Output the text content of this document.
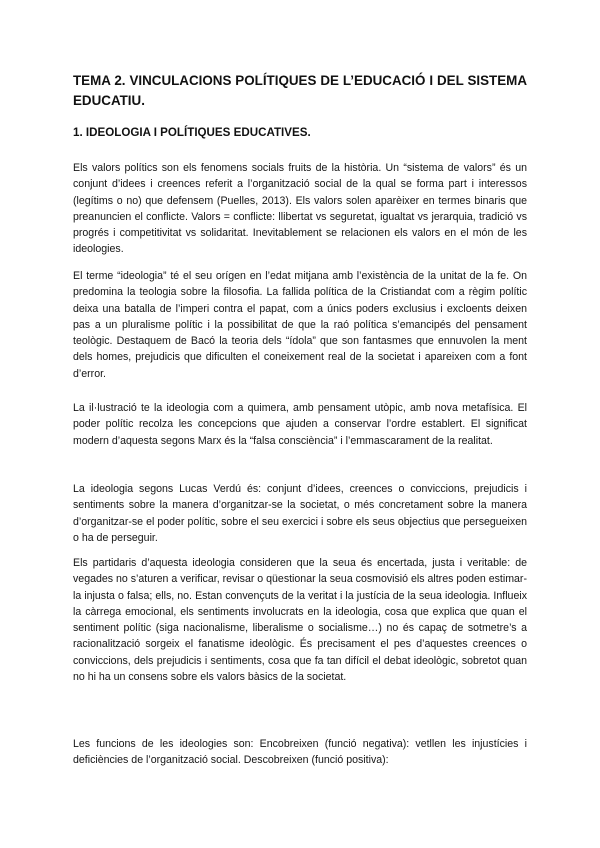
TEMA 2. VINCULACIONS POLÍTIQUES DE L’EDUCACIÓ I DEL SISTEMA EDUCATIU.
1. IDEOLOGIA I POLÍTIQUES EDUCATIVES.

Els valors polítics son els fenomens socials fruits de la història. Un “sistema de valors” és un conjunt d’idees i creences referit a l’organització social de la qual se forma part i interessos (legítims o no) que defensem (Puelles, 2013). Els valors solen aparèixer en termes binaris que preanuncien el conflicte. Valors = conflicte: llibertat vs seguretat, igualtat vs jerarquia, tradició vs progrés i competitivitat vs solidaritat. Inevitablement se relacionen els valors en el món de les ideologies.

El terme “ideologia” té el seu orígen en l’edat mitjana amb l’existència de la unitat de la fe. On predomina la teologia sobre la filosofia. La fallida política de la Cristiandat com a règim polític deixa una batalla de l’imperi contra el papat, com a únics poders exclusius i excloents deixen pas a un pluralisme polític i la possibilitat de que la raó política s’emancipés del pensament teològic. Destaquem de Bacó la teoria dels “ídola” que son fantasmes que ennuvolen la ment dels homes, prejudicis que dificulten el coneixement real de la societat i apareixen com a font d’error.

La il·lustració te la ideologia com a quimera, amb pensament utòpic, amb nova metafísica. El poder polític recolza les concepcions que ajuden a conservar l’ordre establert. El significat modern d’aquesta segons Marx és la “falsa consciència” i l’emmascarament de la realitat.

La ideologia segons Lucas Verdú és: conjunt d’idees, creences o conviccions, prejudicis i sentiments sobre la manera d’organitzar-se la societat, o més concretament sobre la manera d’organitzar-se el poder polític, sobre el seu exercici i sobre els seus objectius que persegueixen o ha de perseguir.

Els partidaris d’aquesta ideologia consideren que la seua és encertada, justa i veritable: de vegades no s’aturen a verificar, revisar o qüestionar la seua cosmovisió els altres poden estimar-la injusta o falsa; ells, no. Estan convençuts de la veritat i la justícia de la seua ideologia. Influeix la càrrega emocional, els sentiments involucrats en la ideologia, cosa que explica que quan el sentiment polític (siga nacionalisme, liberalisme o socialisme…) no és capaç de sotmetre’s a racionalització sorgeix el fanatisme ideològic. És precisament el pes d’aquestes creences o conviccions, dels prejudicis i sentiments, cosa que fa tan difícil el debat ideològic, sobretot quan no hi ha un consens sobre els valors bàsics de la societat.

Les funcions de les ideologies son: Encobreixen (funció negativa): vetllen les injustícies i deficiències de l’organització social. Descobreixen (funció positiva):
